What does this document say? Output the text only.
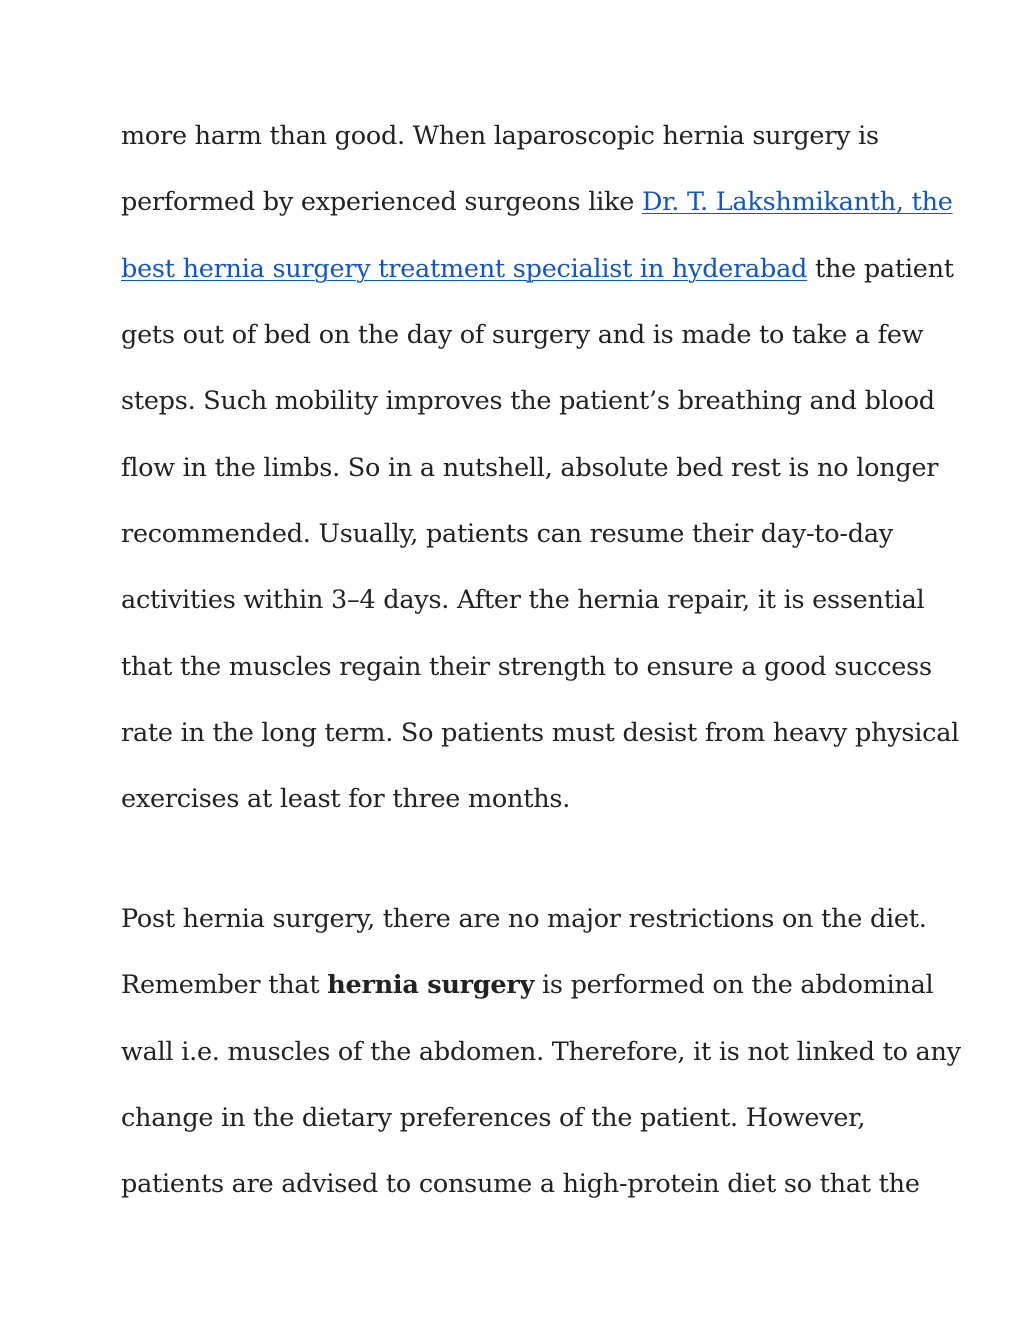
more harm than good. When laparoscopic hernia surgery is
performed by experienced surgeons like Dr. T. Lakshmikanth, the
best hernia surgery treatment specialist in hyderabad the patient
gets out of bed on the day of surgery and is made to take a few
steps. Such mobility improves the patient’s breathing and blood
flow in the limbs. So in a nutshell, absolute bed rest is no longer
recommended. Usually, patients can resume their day-to-day
activities within 3–4 days. After the hernia repair, it is essential
that the muscles regain their strength to ensure a good success
rate in the long term. So patients must desist from heavy physical
exercises at least for three months.
Post hernia surgery, there are no major restrictions on the diet.
Remember that hernia surgery is performed on the abdominal
wall i.e. muscles of the abdomen. Therefore, it is not linked to any
change in the dietary preferences of the patient. However,
patients are advised to consume a high-protein diet so that the
